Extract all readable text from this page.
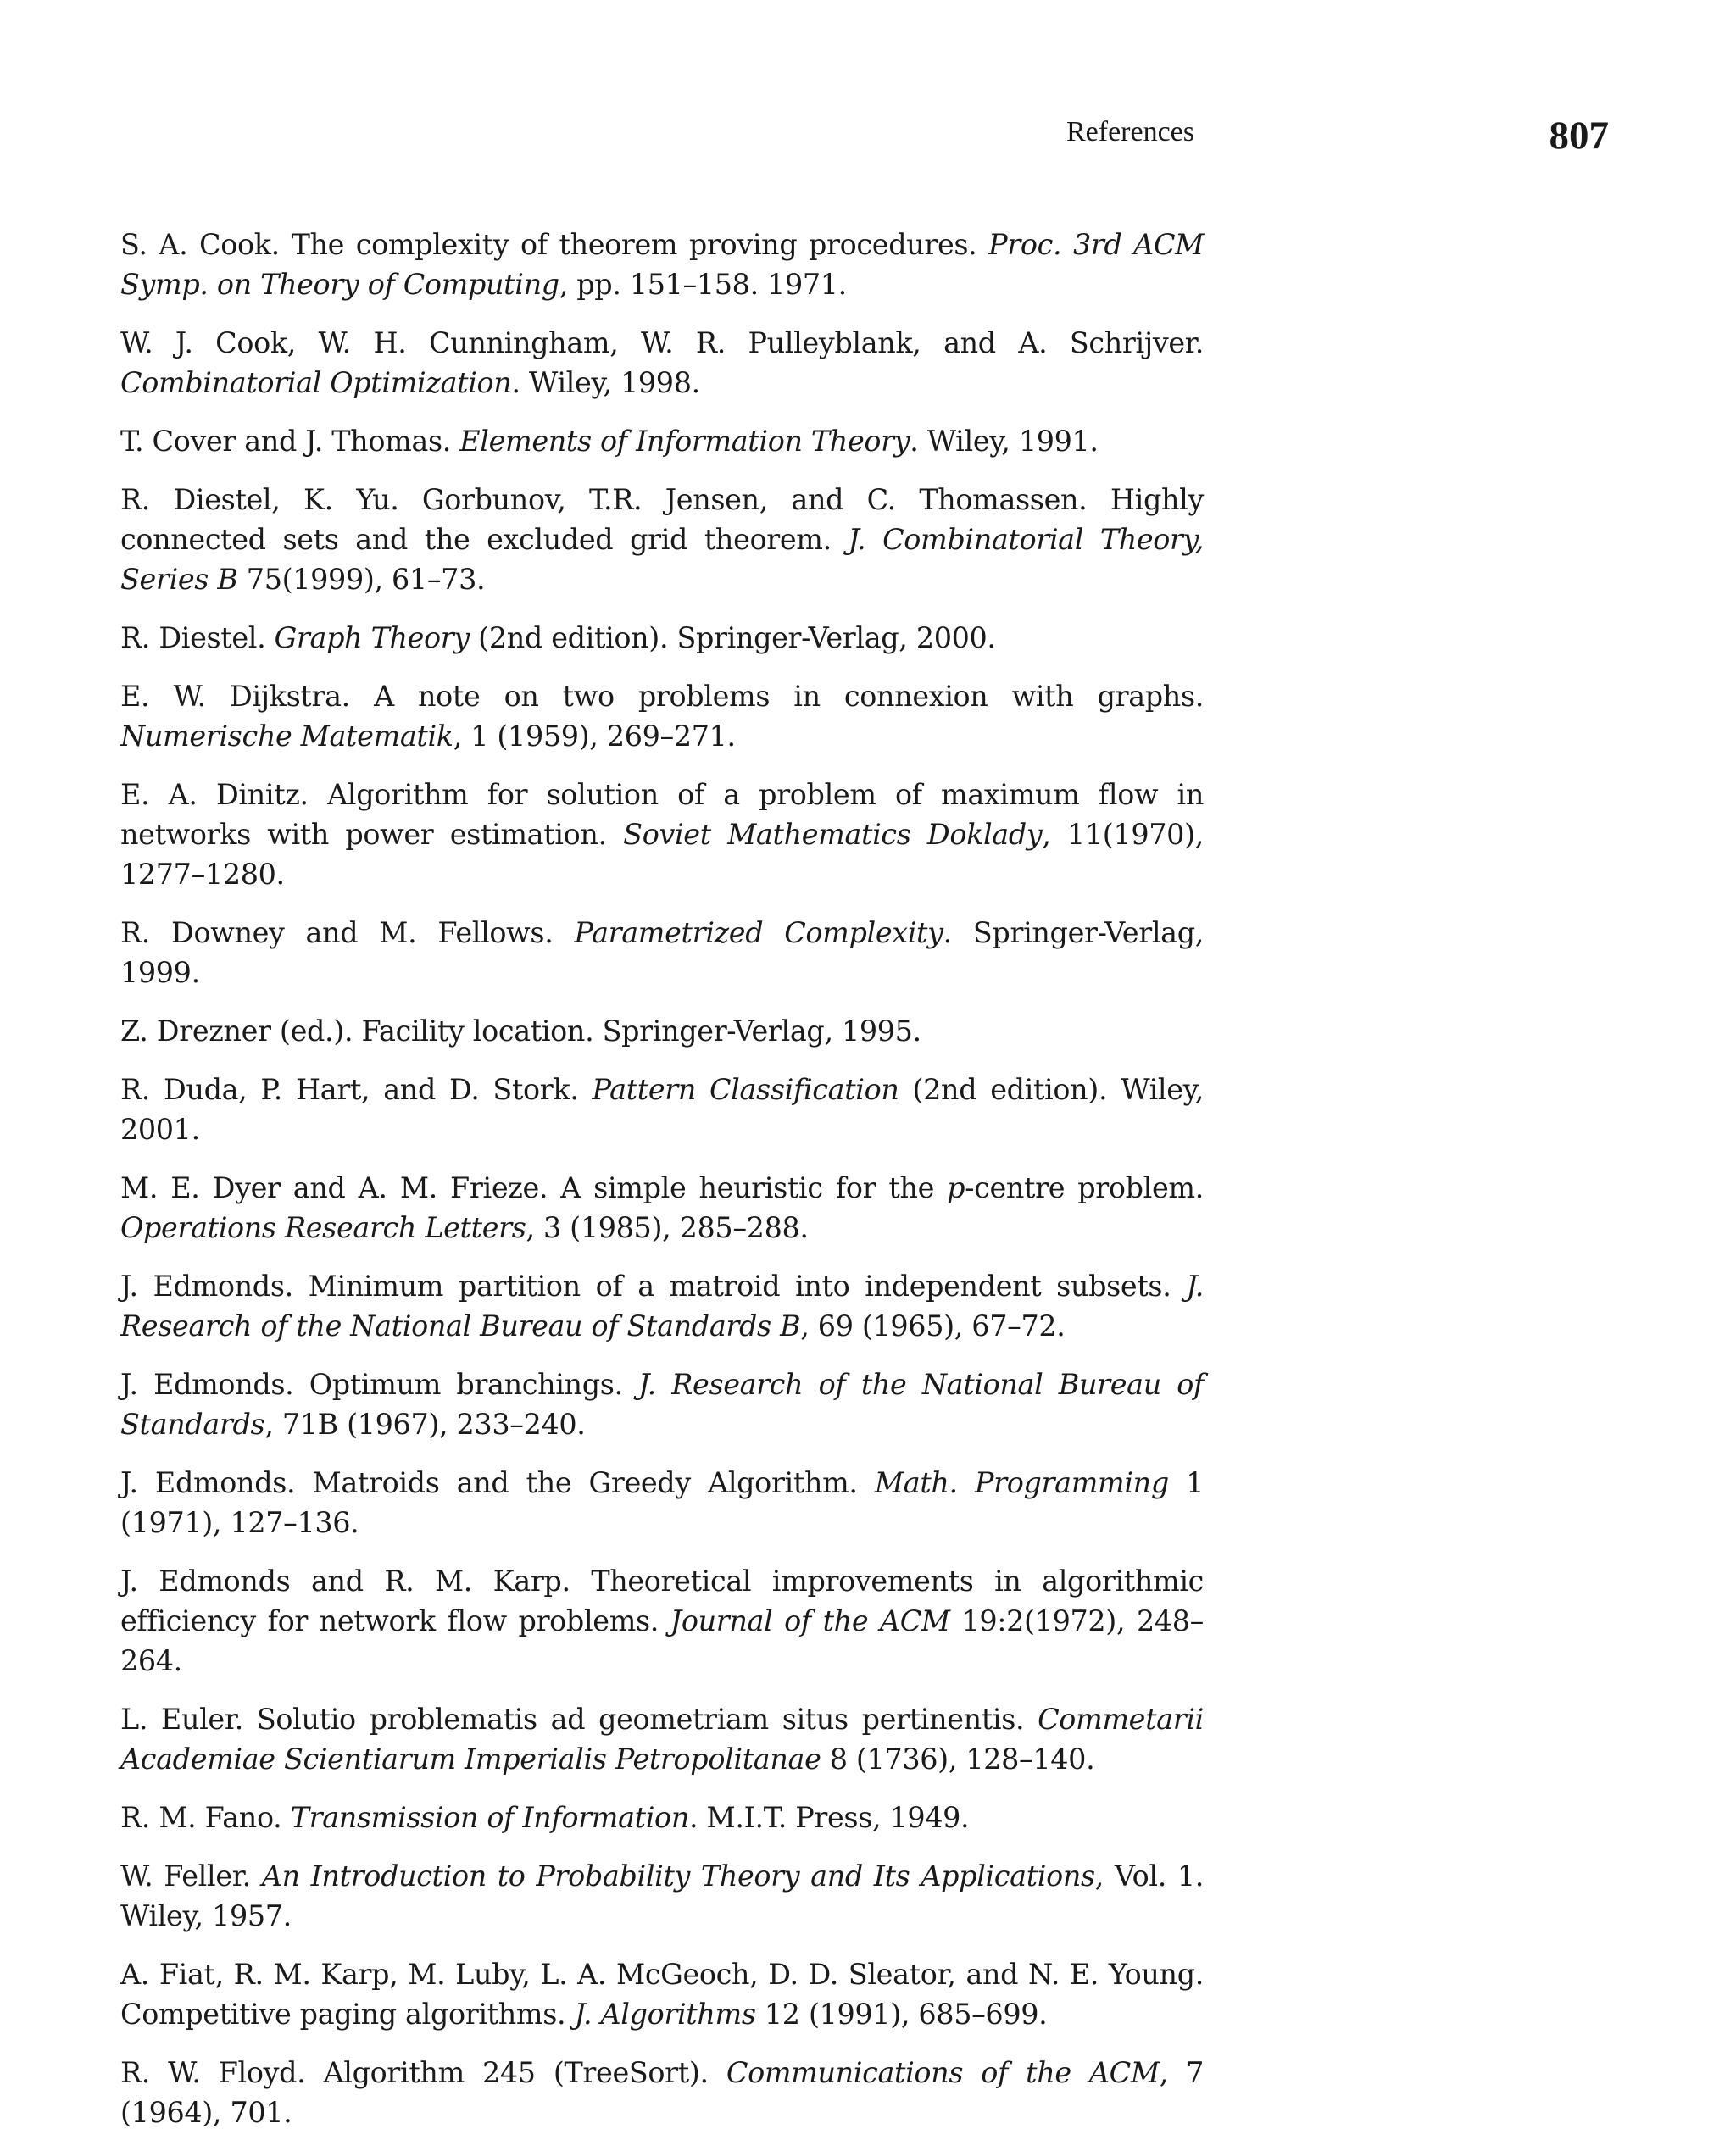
References	807
S. A. Cook. The complexity of theorem proving procedures. Proc. 3rd ACM Symp. on Theory of Computing, pp. 151–158. 1971.
W. J. Cook, W. H. Cunningham, W. R. Pulleyblank, and A. Schrijver. Combinatorial Optimization. Wiley, 1998.
T. Cover and J. Thomas. Elements of Information Theory. Wiley, 1991.
R. Diestel, K. Yu. Gorbunov, T.R. Jensen, and C. Thomassen. Highly connected sets and the excluded grid theorem. J. Combinatorial Theory, Series B 75(1999), 61–73.
R. Diestel. Graph Theory (2nd edition). Springer-Verlag, 2000.
E. W. Dijkstra. A note on two problems in connexion with graphs. Numerische Matematik, 1 (1959), 269–271.
E. A. Dinitz. Algorithm for solution of a problem of maximum flow in networks with power estimation. Soviet Mathematics Doklady, 11(1970), 1277–1280.
R. Downey and M. Fellows. Parametrized Complexity. Springer-Verlag, 1999.
Z. Drezner (ed.). Facility location. Springer-Verlag, 1995.
R. Duda, P. Hart, and D. Stork. Pattern Classification (2nd edition). Wiley, 2001.
M. E. Dyer and A. M. Frieze. A simple heuristic for the p-centre problem. Operations Research Letters, 3 (1985), 285–288.
J. Edmonds. Minimum partition of a matroid into independent subsets. J. Research of the National Bureau of Standards B, 69 (1965), 67–72.
J. Edmonds. Optimum branchings. J. Research of the National Bureau of Standards, 71B (1967), 233–240.
J. Edmonds. Matroids and the Greedy Algorithm. Math. Programming 1 (1971), 127–136.
J. Edmonds and R. M. Karp. Theoretical improvements in algorithmic efficiency for network flow problems. Journal of the ACM 19:2(1972), 248–264.
L. Euler. Solutio problematis ad geometriam situs pertinentis. Commetarii Academiae Scientiarum Imperialis Petropolitanae 8 (1736), 128–140.
R. M. Fano. Transmission of Information. M.I.T. Press, 1949.
W. Feller. An Introduction to Probability Theory and Its Applications, Vol. 1. Wiley, 1957.
A. Fiat, R. M. Karp, M. Luby, L. A. McGeoch, D. D. Sleator, and N. E. Young. Competitive paging algorithms. J. Algorithms 12 (1991), 685–699.
R. W. Floyd. Algorithm 245 (TreeSort). Communications of the ACM, 7 (1964), 701.
